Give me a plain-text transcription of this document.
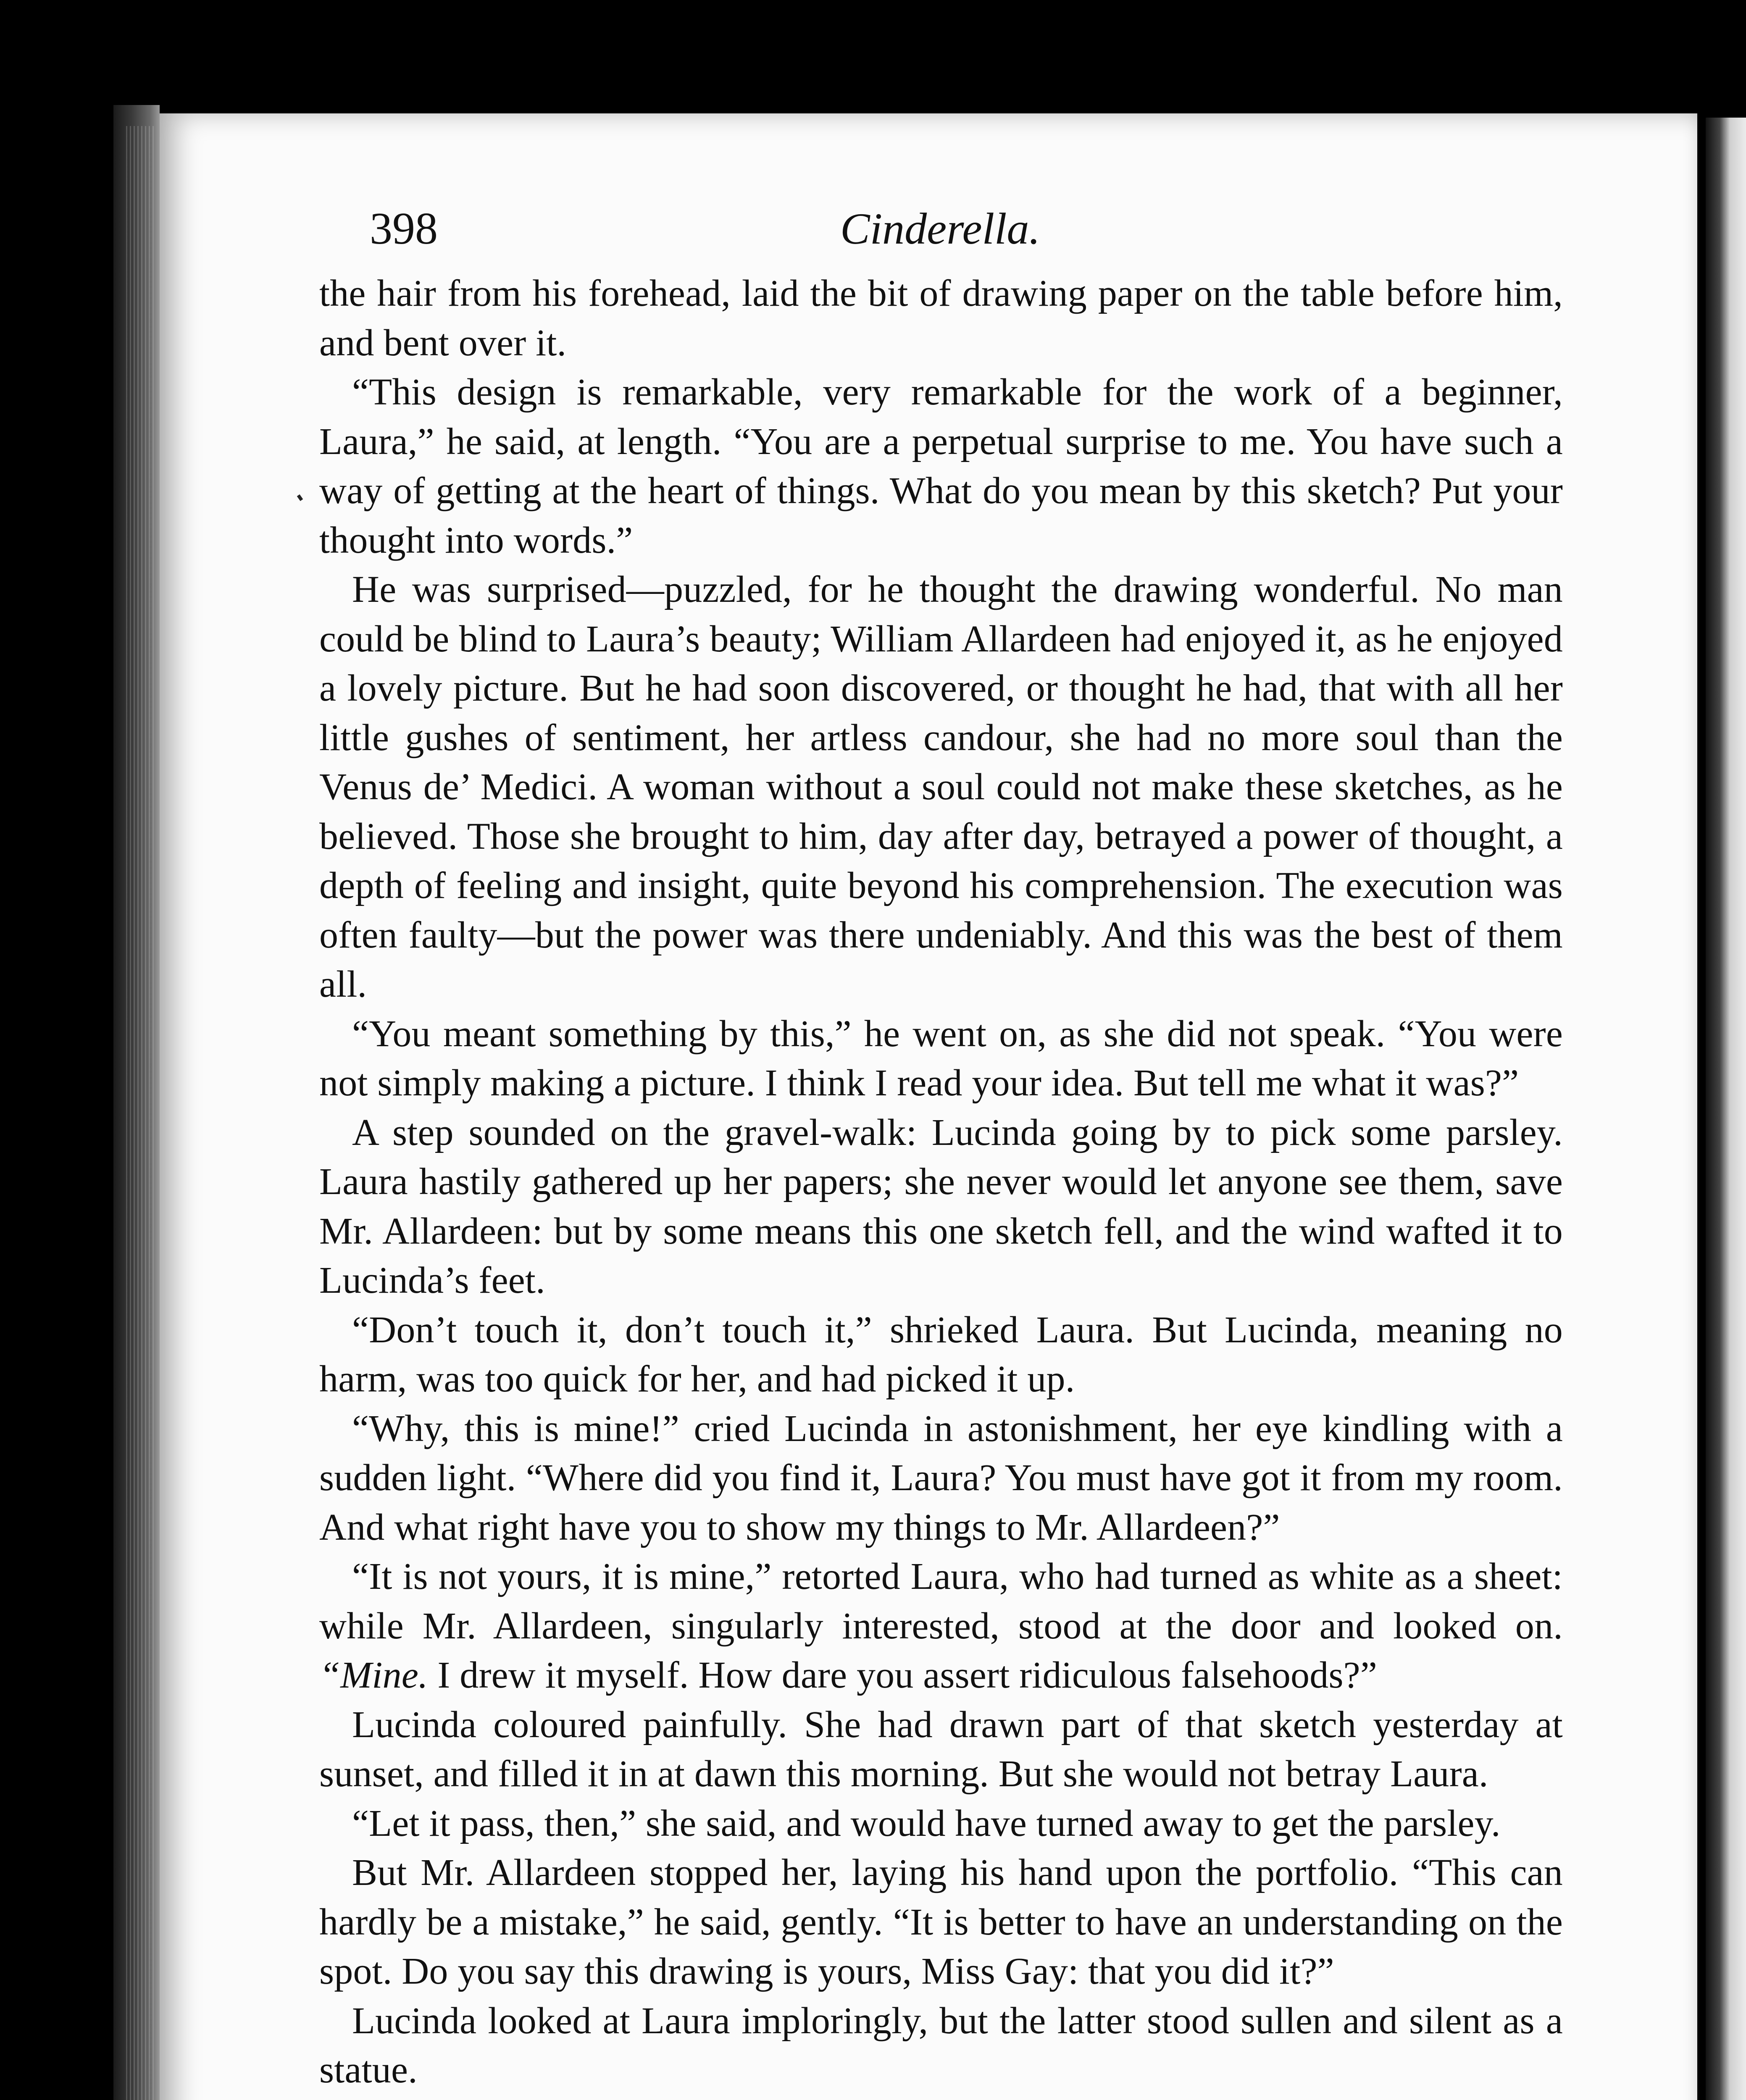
398	Cinderella.

the hair from his forehead, laid the bit of drawing paper on the table before him, and bent over it.

“This design is remarkable, very remarkable for the work of a beginner, Laura,” he said, at length. “You are a perpetual surprise to me. You have such a way of getting at the heart of things. What do you mean by this sketch? Put your thought into words.”

He was surprised—puzzled, for he thought the drawing wonderful. No man could be blind to Laura’s beauty; William Allardeen had enjoyed it, as he enjoyed a lovely picture. But he had soon discovered, or thought he had, that with all her little gushes of sentiment, her artless candour, she had no more soul than the Venus de’ Medici. A woman without a soul could not make these sketches, as he believed. Those she brought to him, day after day, betrayed a power of thought, a depth of feeling and insight, quite beyond his comprehension. The execution was often faulty—but the power was there undeniably. And this was the best of them all.

“You meant something by this,” he went on, as she did not speak. “You were not simply making a picture. I think I read your idea. But tell me what it was?”

A step sounded on the gravel-walk: Lucinda going by to pick some parsley. Laura hastily gathered up her papers; she never would let anyone see them, save Mr. Allardeen: but by some means this one sketch fell, and the wind wafted it to Lucinda’s feet.

“Don’t touch it, don’t touch it,” shrieked Laura. But Lucinda, meaning no harm, was too quick for her, and had picked it up.

“Why, this is mine!” cried Lucinda in astonishment, her eye kindling with a sudden light. “Where did you find it, Laura? You must have got it from my room. And what right have you to show my things to Mr. Allardeen?”

“It is not yours, it is mine,” retorted Laura, who had turned as white as a sheet: while Mr. Allardeen, singularly interested, stood at the door and looked on. “Mine. I drew it myself. How dare you assert ridiculous falsehoods?”

Lucinda coloured painfully. She had drawn part of that sketch yesterday at sunset, and filled it in at dawn this morning. But she would not betray Laura.

“Let it pass, then,” she said, and would have turned away to get the parsley.

But Mr. Allardeen stopped her, laying his hand upon the portfolio. “This can hardly be a mistake,” he said, gently. “It is better to have an understanding on the spot. Do you say this drawing is yours, Miss Gay: that you did it?”

Lucinda looked at Laura imploringly, but the latter stood sullen and silent as a statue.
